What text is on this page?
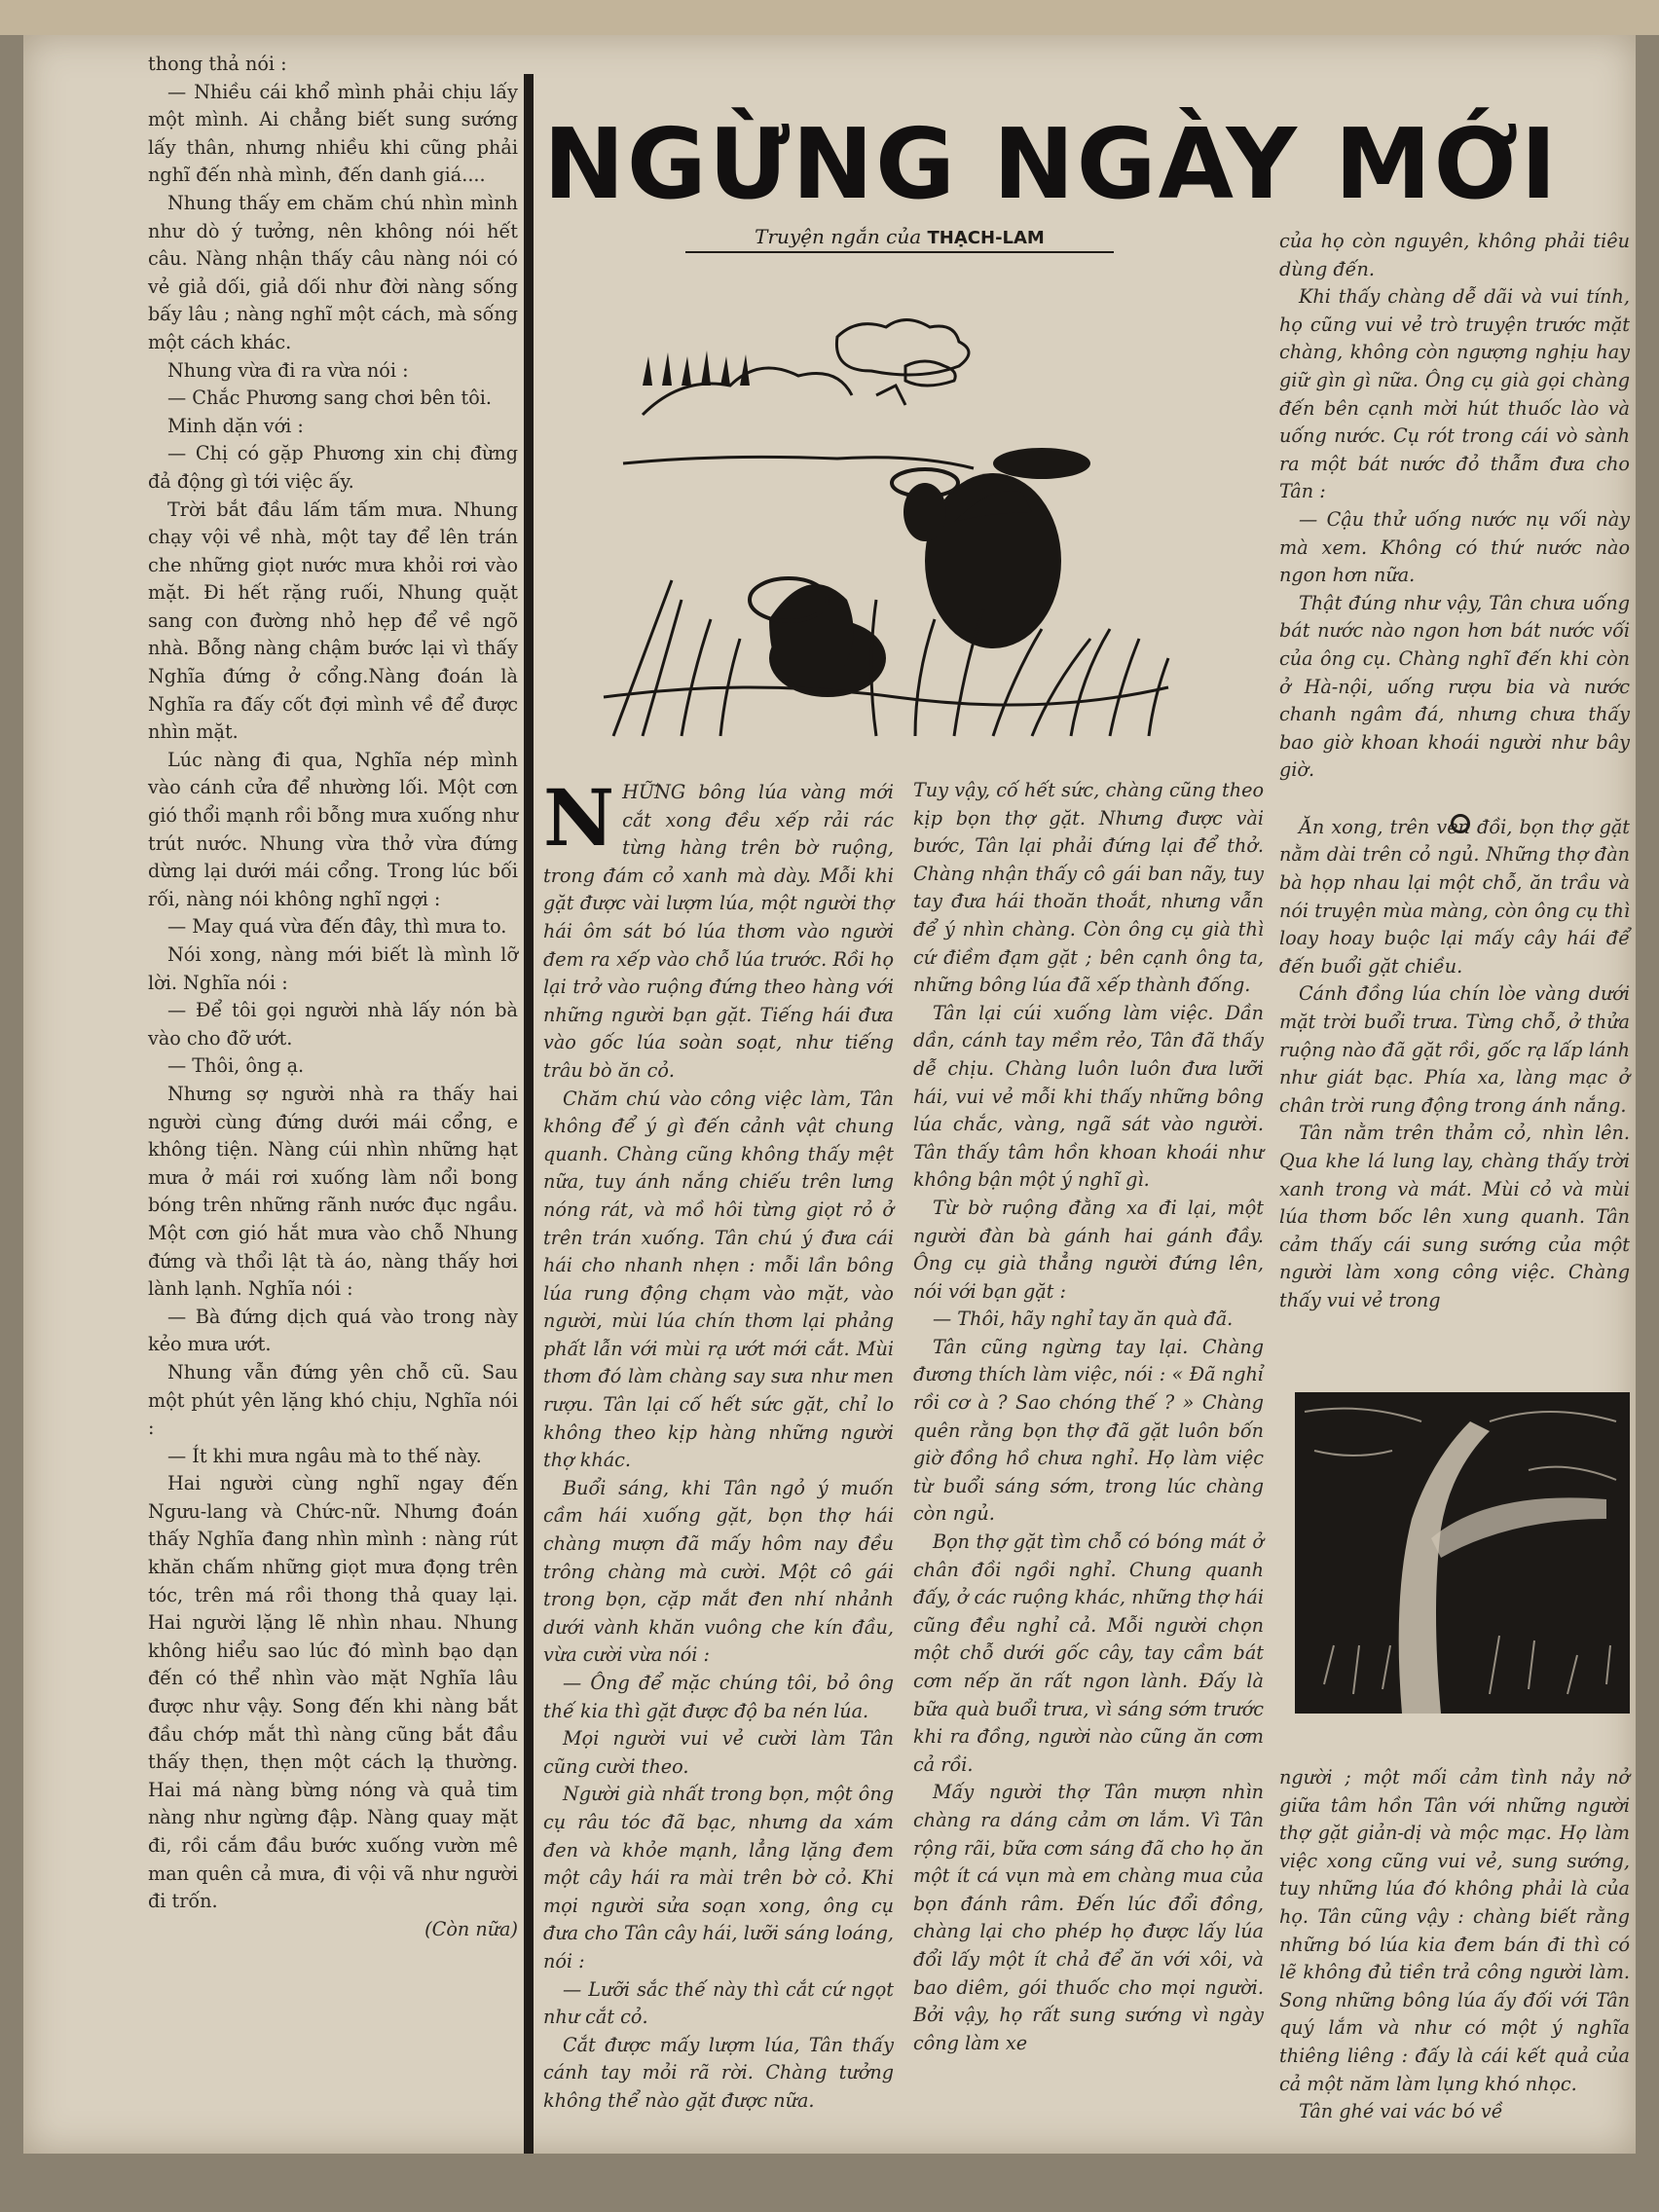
thong thả nói :

— Nhiều cái khổ mình phải chịu lấy một mình. Ai chẳng biết sung sướng lấy thân, nhưng nhiều khi cũng phải nghĩ đến nhà mình, đến danh giá....

Nhung thấy em chăm chú nhìn mình như dò ý tưởng, nên không nói hết câu. Nàng nhận thấy câu nàng nói có vẻ giả dối, giả dối như đời nàng sống bấy lâu ; nàng nghĩ một cách, mà sống một cách khác.

Nhung vừa đi ra vừa nói :

— Chắc Phương sang chơi bên tôi.

Minh dặn với :

— Chị có gặp Phương xin chị đừng đả động gì tới việc ấy.

Trời bắt đầu lấm tấm mưa. Nhung chạy vội về nhà, một tay để lên trán che những giọt nước mưa khỏi rơi vào mặt. Đi hết rặng ruối, Nhung quặt sang con đường nhỏ hẹp để về ngõ nhà. Bỗng nàng chậm bước lại vì thấy Nghĩa đứng ở cổng.Nàng đoán là Nghĩa ra đấy cốt đợi mình về để được nhìn mặt.

Lúc nàng đi qua, Nghĩa nép mình vào cánh cửa để nhường lối. Một cơn gió thổi mạnh rồi bỗng mưa xuống như trút nước. Nhung vừa thở vừa đứng dừng lại dưới mái cổng. Trong lúc bối rối, nàng nói không nghĩ ngợi :

— May quá vừa đến đây, thì mưa to.

Nói xong, nàng mới biết là mình lỡ lời. Nghĩa nói :

— Để tôi gọi người nhà lấy nón bà vào cho đỡ ướt.

— Thôi, ông ạ.

Nhưng sợ người nhà ra thấy hai người cùng đứng dưới mái cổng, e không tiện. Nàng cúi nhìn những hạt mưa ở mái rơi xuống làm nổi bong bóng trên những rãnh nước đục ngầu. Một cơn gió hắt mưa vào chỗ Nhung đứng và thổi lật tà áo, nàng thấy hơi lành lạnh. Nghĩa nói :

— Bà đứng dịch quá vào trong này kẻo mưa ướt.

Nhung vẫn đứng yên chỗ cũ. Sau một phút yên lặng khó chịu, Nghĩa nói :

— Ít khi mưa ngâu mà to thế này.

Hai người cùng nghĩ ngay đến Ngưu-lang và Chức-nữ. Nhưng đoán thấy Nghĩa đang nhìn mình : nàng rút khăn chấm những giọt mưa đọng trên tóc, trên má rồi thong thả quay lại. Hai người lặng lẽ nhìn nhau. Nhung không hiểu sao lúc đó mình bạo dạn đến có thể nhìn vào mặt Nghĩa lâu được như vậy. Song đến khi nàng bắt đầu chớp mắt thì nàng cũng bắt đầu thấy thẹn, thẹn một cách lạ thường. Hai má nàng bừng nóng và quả tim nàng như ngừng đập. Nàng quay mặt đi, rồi cắm đầu bước xuống vườn mê man quên cả mưa, đi vội vã như người đi trốn.

(Còn nữa)

NGỪNG NGÀY MỚI
Truyện ngắn của THẠCH-LAM

NHỮNG bông lúa vàng mới cắt xong đều xếp rải rác từng hàng trên bờ ruộng, trong đám cỏ xanh mà dày. Mỗi khi gặt được vài lượm lúa, một người thợ hái ôm sát bó lúa thơm vào người đem ra xếp vào chỗ lúa trước. Rồi họ lại trở vào ruộng đứng theo hàng với những người bạn gặt. Tiếng hái đưa vào gốc lúa soàn soạt, như tiếng trâu bò ăn cỏ.

Chăm chú vào công việc làm, Tân không để ý gì đến cảnh vật chung quanh. Chàng cũng không thấy mệt nữa, tuy ánh nắng chiếu trên lưng nóng rát, và mồ hôi từng giọt rỏ ở trên trán xuống. Tân chú ý đưa cái hái cho nhanh nhẹn : mỗi lần bông lúa rung động chạm vào mặt, vào người, mùi lúa chín thơm lại phảng phất lẫn với mùi rạ ướt mới cắt. Mùi thơm đó làm chàng say sưa như men rượu. Tân lại cố hết sức gặt, chỉ lo không theo kịp hàng những người thợ khác.

Buổi sáng, khi Tân ngỏ ý muốn cầm hái xuống gặt, bọn thợ hái chàng mượn đã mấy hôm nay đều trông chàng mà cười. Một cô gái trong bọn, cặp mắt đen nhí nhảnh dưới vành khăn vuông che kín đầu, vừa cười vừa nói :

— Ông để mặc chúng tôi, bỏ ông thế kia thì gặt được độ ba nén lúa.

Mọi người vui vẻ cười làm Tân cũng cười theo.

Người già nhất trong bọn, một ông cụ râu tóc đã bạc, nhưng da xám đen và khỏe mạnh, lẳng lặng đem một cây hái ra mài trên bờ cỏ. Khi mọi người sửa soạn xong, ông cụ đưa cho Tân cây hái, lưỡi sáng loáng, nói :

— Lưỡi sắc thế này thì cắt cứ ngọt như cắt cỏ.

Cắt được mấy lượm lúa, Tân thấy cánh tay mỏi rã rời. Chàng tưởng không thể nào gặt được nữa.

Tuy vậy, cố hết sức, chàng cũng theo kịp bọn thợ gặt. Nhưng được vài bước, Tân lại phải đứng lại để thở. Chàng nhận thấy cô gái ban nãy, tuy tay đưa hái thoăn thoắt, nhưng vẫn để ý nhìn chàng. Còn ông cụ già thì cứ điềm đạm gặt ; bên cạnh ông ta, những bông lúa đã xếp thành đống.

Tân lại cúi xuống làm việc. Dần dần, cánh tay mềm rẻo, Tân đã thấy dễ chịu. Chàng luôn luôn đưa lưỡi hái, vui vẻ mỗi khi thấy những bông lúa chắc, vàng, ngã sát vào người. Tân thấy tâm hồn khoan khoái như không bận một ý nghĩ gì.

Từ bờ ruộng đằng xa đi lại, một người đàn bà gánh hai gánh đầy. Ông cụ già thẳng người đứng lên, nói với bạn gặt :

— Thôi, hãy nghỉ tay ăn quà đã.

Tân cũng ngừng tay lại. Chàng đương thích làm việc, nói : « Đã nghỉ rồi cơ à ? Sao chóng thế ? » Chàng quên rằng bọn thợ đã gặt luôn bốn giờ đồng hồ chưa nghỉ. Họ làm việc từ buổi sáng sớm, trong lúc chàng còn ngủ.

Bọn thợ gặt tìm chỗ có bóng mát ở chân đồi ngồi nghỉ. Chung quanh đấy, ở các ruộng khác, những thợ hái cũng đều nghỉ cả. Mỗi người chọn một chỗ dưới gốc cây, tay cầm bát cơm nếp ăn rất ngon lành. Đấy là bữa quà buổi trưa, vì sáng sớm trước khi ra đồng, người nào cũng ăn cơm cả rồi.

Mấy người thợ Tân mượn nhìn chàng ra dáng cảm ơn lắm. Vì Tân rộng rãi, bữa cơm sáng đã cho họ ăn một ít cá vụn mà em chàng mua của bọn đánh râm. Đến lúc đổi đồng, chàng lại cho phép họ được lấy lúa đổi lấy một ít chả để ăn với xôi, và bao diêm, gói thuốc cho mọi người. Bởi vậy, họ rất sung sướng vì ngày công làm xe

của họ còn nguyên, không phải tiêu dùng đến.

Khi thấy chàng dễ dãi và vui tính, họ cũng vui vẻ trò truyện trước mặt chàng, không còn ngượng nghịu hay giữ gìn gì nữa. Ông cụ già gọi chàng đến bên cạnh mời hút thuốc lào và uống nước. Cụ rót trong cái vò sành ra một bát nước đỏ thẫm đưa cho Tân :

— Cậu thử uống nước nụ vối này mà xem. Không có thứ nước nào ngon hơn nữa.

Thật đúng như vậy, Tân chưa uống bát nước nào ngon hơn bát nước vối của ông cụ. Chàng nghĩ đến khi còn ở Hà-nội, uống rượu bia và nước chanh ngâm đá, nhưng chưa thấy bao giờ khoan khoái người như bây giờ.

Ăn xong, trên ven đồi, bọn thợ gặt nằm dài trên cỏ ngủ. Những thợ đàn bà họp nhau lại một chỗ, ăn trầu và nói truyện mùa màng, còn ông cụ thì loay hoay buộc lại mấy cây hái để đến buổi gặt chiều.

Cánh đồng lúa chín lòe vàng dưới mặt trời buổi trưa. Từng chỗ, ở thửa ruộng nào đã gặt rồi, gốc rạ lấp lánh như giát bạc. Phía xa, làng mạc ở chân trời rung động trong ánh nắng.

Tân nằm trên thảm cỏ, nhìn lên. Qua khe lá lung lay, chàng thấy trời xanh trong và mát. Mùi cỏ và mùi lúa thơm bốc lên xung quanh. Tân cảm thấy cái sung sướng của một người làm xong công việc. Chàng thấy vui vẻ trong

người ; một mối cảm tình nảy nở giữa tâm hồn Tân với những người thợ gặt giản-dị và mộc mạc. Họ làm việc xong cũng vui vẻ, sung sướng, tuy những lúa đó không phải là của họ. Tân cũng vậy : chàng biết rằng những bó lúa kia đem bán đi thì có lẽ không đủ tiền trả công người làm. Song những bông lúa ấy đối với Tân quý lắm và như có một ý nghĩa thiêng liêng : đấy là cái kết quả của cả một năm làm lụng khó nhọc.

Tân ghé vai vác bó về
